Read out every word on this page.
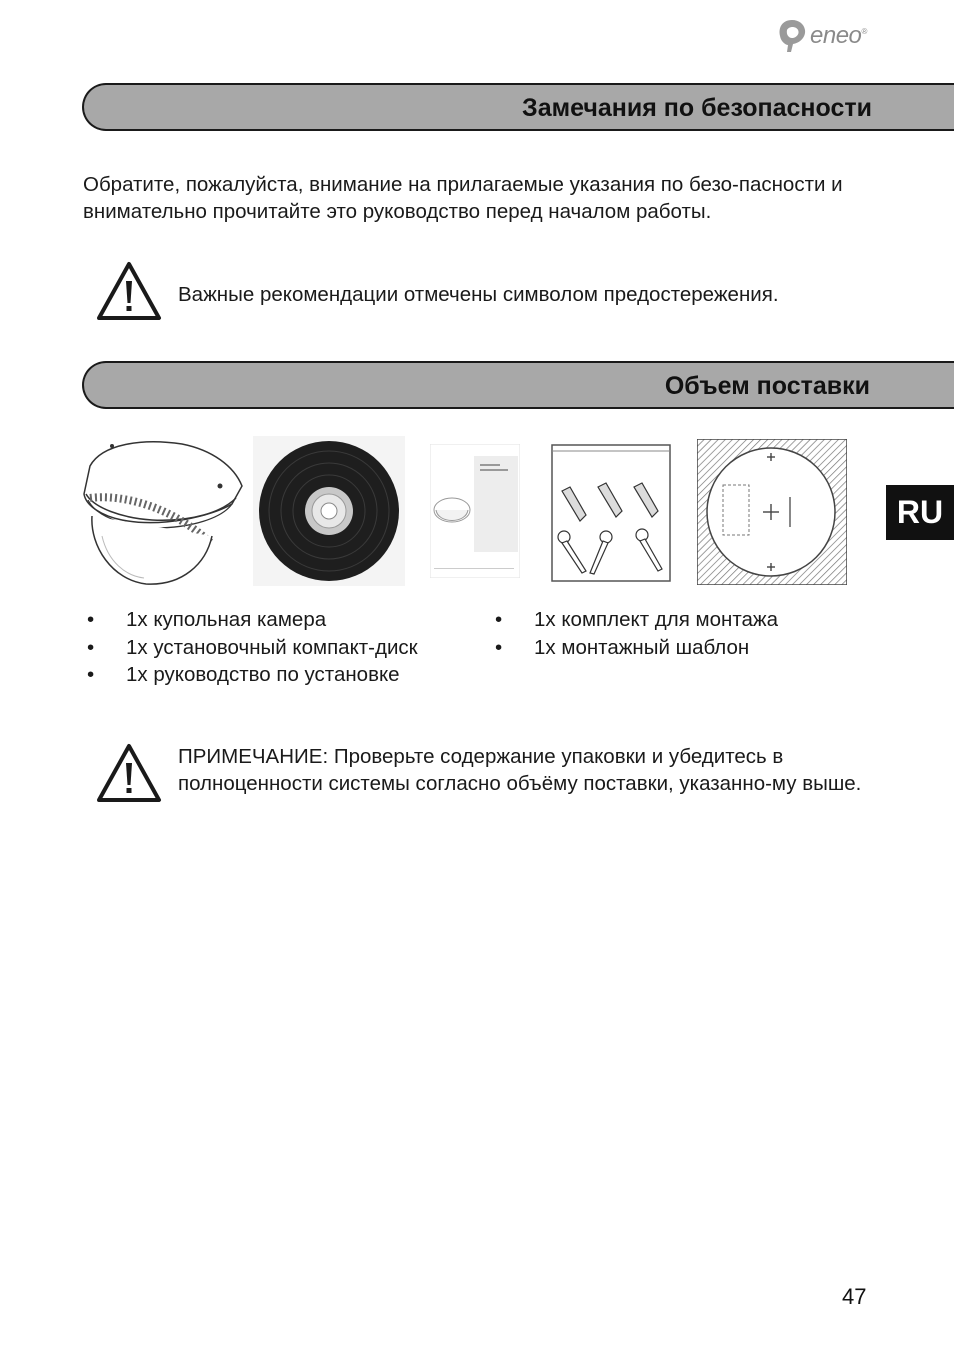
eneo®
Замечания по безопасности

Обратите, пожалуйста, внимание на прилагаемые указания по безо-пасности и внимательно прочитайте это руководство перед началом работы.

Важные рекомендации отмечены символом предостережения.

Объем поставки
• 1x купольная камера
• 1x установочный компакт-диск
• 1x руководство по установке
• 1x комплект для монтажа
• 1x монтажный шаблон

ПРИМЕЧАНИЕ: Проверьте содержание упаковки и убедитесь в полноценности системы согласно объёму поставки, указанно-му выше.

RU
47
